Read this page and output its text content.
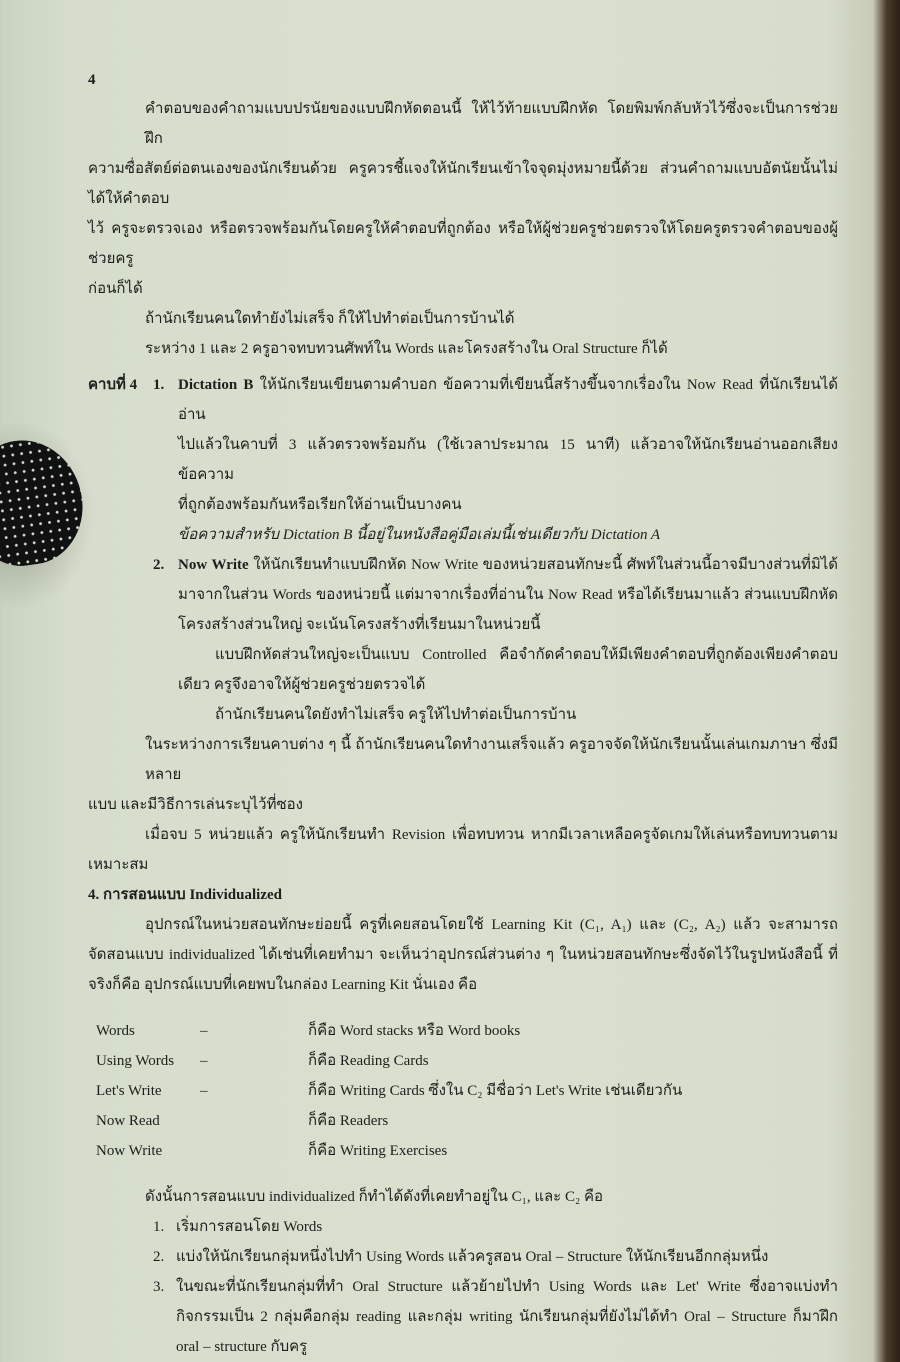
4
คำตอบของคำถามแบบปรนัยของแบบฝึกหัดตอนนี้ ให้ไว้ท้ายแบบฝึกหัด โดยพิมพ์กลับหัวไว้ซึ่งจะเป็นการช่วยฝึก
ความซื่อสัตย์ต่อตนเองของนักเรียนด้วย ครูควรชี้แจงให้นักเรียนเข้าใจจุดมุ่งหมายนี้ด้วย ส่วนคำถามแบบอัตนัยนั้นไม่ได้ให้คำตอบ
ไว้ ครูจะตรวจเอง หรือตรวจพร้อมกันโดยครูให้คำตอบที่ถูกต้อง หรือให้ผู้ช่วยครูช่วยตรวจให้โดยครูตรวจคำตอบของผู้ช่วยครู
ก่อนก็ได้
ถ้านักเรียนคนใดทำยังไม่เสร็จ ก็ให้ไปทำต่อเป็นการบ้านได้
ระหว่าง 1 และ 2 ครูอาจทบทวนศัพท์ใน Words และโครงสร้างใน Oral Structure ก็ได้
คาบที่ 4	1. Dictation B ให้นักเรียนเขียนตามคำบอก ข้อความที่เขียนนี้สร้างขึ้นจากเรื่องใน Now Read ที่นักเรียนได้อ่าน
ไปแล้วในคาบที่ 3 แล้วตรวจพร้อมกัน (ใช้เวลาประมาณ 15 นาที) แล้วอาจให้นักเรียนอ่านออกเสียงข้อความ
ที่ถูกต้องพร้อมกันหรือเรียกให้อ่านเป็นบางคน
ข้อความสำหรับ Dictation B นี้อยู่ในหนังสือคู่มือเล่มนี้เช่นเดียวกับ Dictation A
2. Now Write ให้นักเรียนทำแบบฝึกหัด Now Write ของหน่วยสอนทักษะนี้ ศัพท์ในส่วนนี้อาจมีบางส่วนที่มิได้
มาจากในส่วน Words ของหน่วยนี้ แต่มาจากเรื่องที่อ่านใน Now Read หรือได้เรียนมาแล้ว ส่วนแบบฝึกหัด
โครงสร้างส่วนใหญ่ จะเน้นโครงสร้างที่เรียนมาในหน่วยนี้
แบบฝึกหัดส่วนใหญ่จะเป็นแบบ Controlled คือจำกัดคำตอบให้มีเพียงคำตอบที่ถูกต้องเพียงคำตอบ
เดียว ครูจึงอาจให้ผู้ช่วยครูช่วยตรวจได้
ถ้านักเรียนคนใดยังทำไม่เสร็จ ครูให้ไปทำต่อเป็นการบ้าน
ในระหว่างการเรียนคาบต่าง ๆ นี้ ถ้านักเรียนคนใดทำงานเสร็จแล้ว ครูอาจจัดให้นักเรียนนั้นเล่นเกมภาษา ซึ่งมีหลาย
แบบ และมีวิธีการเล่นระบุไว้ที่ซอง
เมื่อจบ 5 หน่วยแล้ว ครูให้นักเรียนทำ Revision เพื่อทบทวน หากมีเวลาเหลือครูจัดเกมให้เล่นหรือทบทวนตาม
เหมาะสม
4. การสอนแบบ Individualized
อุปกรณ์ในหน่วยสอนทักษะย่อยนี้ ครูที่เคยสอนโดยใช้ Learning Kit (C₁, A₁) และ (C₂, A₂) แล้ว จะสามารถ
จัดสอนแบบ individualized ได้เช่นที่เคยทำมา จะเห็นว่าอุปกรณ์ส่วนต่าง ๆ ในหน่วยสอนทักษะซึ่งจัดไว้ในรูปหนังสือนี้ ที่
จริงก็คือ อุปกรณ์แบบที่เคยพบในกล่อง Learning Kit นั่นเอง คือ
Words	–	ก็คือ Word stacks หรือ Word books
Using Words	–	ก็คือ Reading Cards
Let's Write	–	ก็คือ Writing Cards ซึ่งใน C₂ มีชื่อว่า Let's Write เช่นเดียวกัน
Now Read	ก็คือ Readers
Now Write	ก็คือ Writing Exercises
ดังนั้นการสอนแบบ individualized ก็ทำได้ดังที่เคยทำอยู่ใน C₁, และ C₂ คือ
1. เริ่มการสอนโดย Words
2. แบ่งให้นักเรียนกลุ่มหนึ่งไปทำ Using Words แล้วครูสอน Oral – Structure ให้นักเรียนอีกกลุ่มหนึ่ง
3. ในขณะที่นักเรียนกลุ่มที่ทำ Oral Structure แล้วย้ายไปทำ Using Words และ Let' Write ซึ่งอาจแบ่งทำ
กิจกรรมเป็น 2 กลุ่มคือกลุ่ม reading และกลุ่ม writing นักเรียนกลุ่มที่ยังไม่ได้ทำ Oral – Structure ก็มาฝึก
oral – structure กับครู
